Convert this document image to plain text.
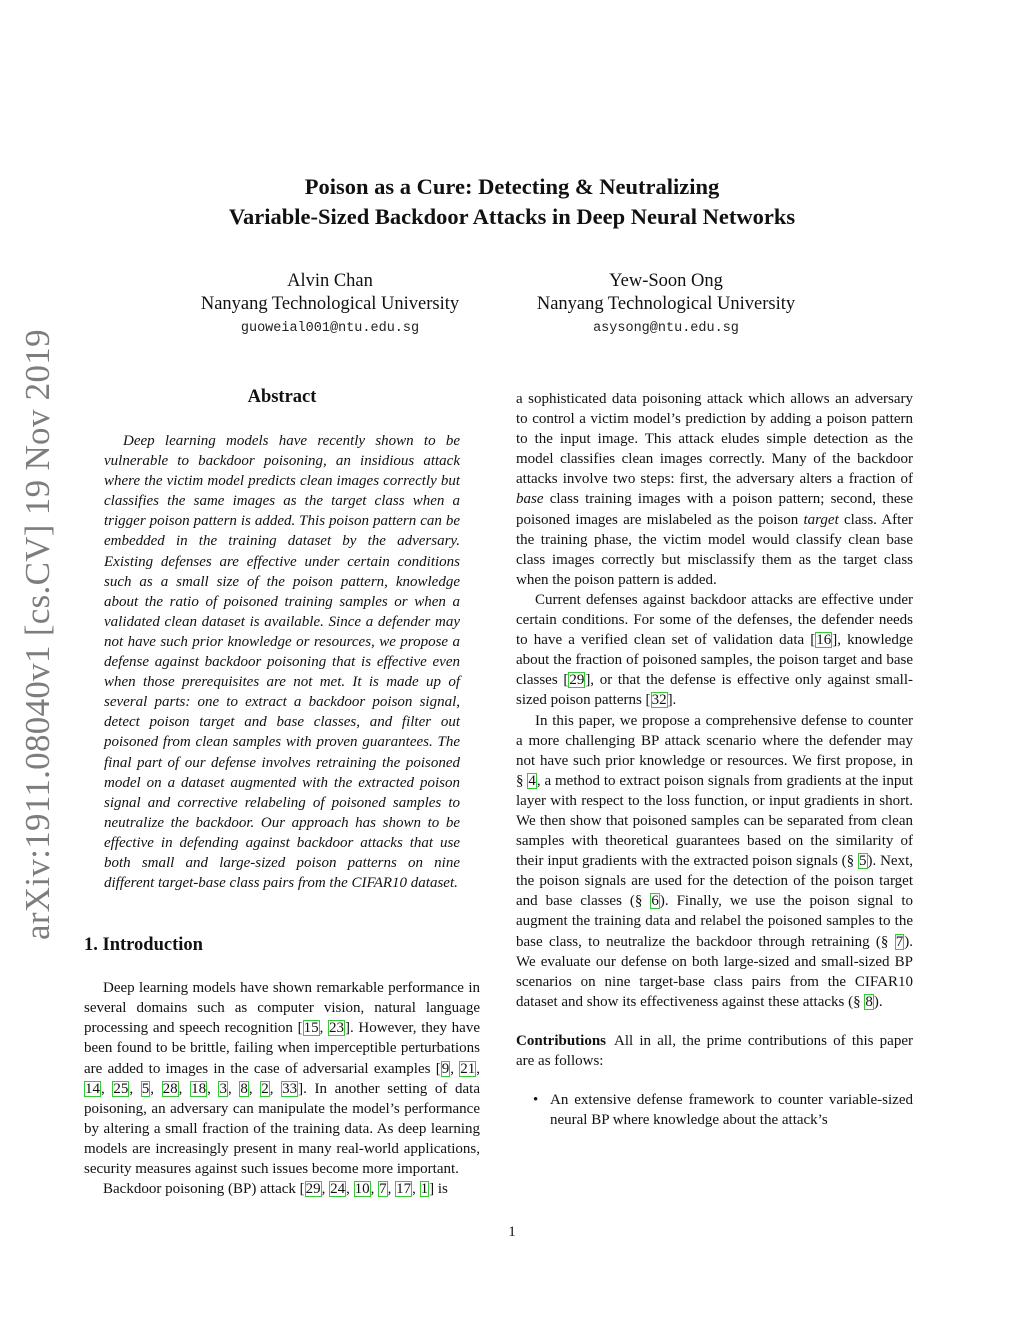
arXiv:1911.08040v1 [cs.CV] 19 Nov 2019
Poison as a Cure: Detecting & Neutralizing
Variable-Sized Backdoor Attacks in Deep Neural Networks
Alvin Chan
Nanyang Technological University
guoweial001@ntu.edu.sg
Yew-Soon Ong
Nanyang Technological University
asysong@ntu.edu.sg
Abstract

Deep learning models have recently shown to be vulnerable to backdoor poisoning, an insidious attack where the victim model predicts clean images correctly but classifies the same images as the target class when a trigger poison pattern is added. This poison pattern can be embedded in the training dataset by the adversary. Existing defenses are effective under certain conditions such as a small size of the poison pattern, knowledge about the ratio of poisoned training samples or when a validated clean dataset is available. Since a defender may not have such prior knowledge or resources, we propose a defense against backdoor poisoning that is effective even when those prerequisites are not met. It is made up of several parts: one to extract a backdoor poison signal, detect poison target and base classes, and filter out poisoned from clean samples with proven guarantees. The final part of our defense involves retraining the poisoned model on a dataset augmented with the extracted poison signal and corrective relabeling of poisoned samples to neutralize the backdoor. Our approach has shown to be effective in defending against backdoor attacks that use both small and large-sized poison patterns on nine different target-base class pairs from the CIFAR10 dataset.

1. Introduction

Deep learning models have shown remarkable performance in several domains such as computer vision, natural language processing and speech recognition [15, 23]. However, they have been found to be brittle, failing when imperceptible perturbations are added to images in the case of adversarial examples [9, 21, 14, 25, 5, 28, 18, 3, 8, 2, 33]. In another setting of data poisoning, an adversary can manipulate the model’s performance by altering a small fraction of the training data. As deep learning models are increasingly present in many real-world applications, security measures against such issues become more important.

Backdoor poisoning (BP) attack [29, 24, 10, 7, 17, 1] is

a sophisticated data poisoning attack which allows an adversary to control a victim model’s prediction by adding a poison pattern to the input image. This attack eludes simple detection as the model classifies clean images correctly. Many of the backdoor attacks involve two steps: first, the adversary alters a fraction of base class training images with a poison pattern; second, these poisoned images are mislabeled as the poison target class. After the training phase, the victim model would classify clean base class images correctly but misclassify them as the target class when the poison pattern is added.

Current defenses against backdoor attacks are effective under certain conditions. For some of the defenses, the defender needs to have a verified clean set of validation data [16], knowledge about the fraction of poisoned samples, the poison target and base classes [29], or that the defense is effective only against small-sized poison patterns [32].

In this paper, we propose a comprehensive defense to counter a more challenging BP attack scenario where the defender may not have such prior knowledge or resources. We first propose, in § 4, a method to extract poison signals from gradients at the input layer with respect to the loss function, or input gradients in short. We then show that poisoned samples can be separated from clean samples with theoretical guarantees based on the similarity of their input gradients with the extracted poison signals (§ 5). Next, the poison signals are used for the detection of the poison target and base classes (§ 6). Finally, we use the poison signal to augment the training data and relabel the poisoned samples to the base class, to neutralize the backdoor through retraining (§ 7). We evaluate our defense on both large-sized and small-sized BP scenarios on nine target-base class pairs from the CIFAR10 dataset and show its effectiveness against these attacks (§ 8).

Contributions All in all, the prime contributions of this paper are as follows:

• An extensive defense framework to counter variable-sized neural BP where knowledge about the attack’s
1
